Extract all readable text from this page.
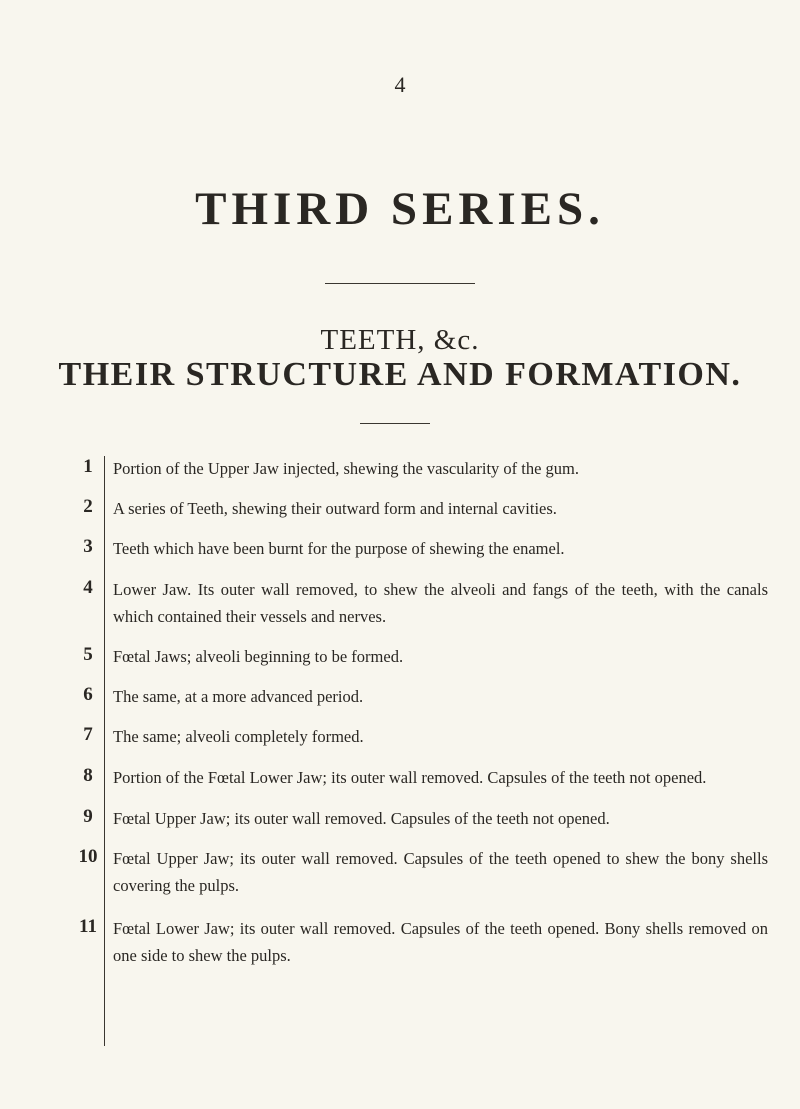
4
THIRD SERIES.
TEETH, &c.
THEIR STRUCTURE AND FORMATION.
1	Portion of the Upper Jaw injected, shewing the vascularity of the gum.
2	A series of Teeth, shewing their outward form and internal cavities.
3	Teeth which have been burnt for the purpose of shewing the enamel.
4	Lower Jaw. Its outer wall removed, to shew the alveoli and fangs of the teeth, with the canals which contained their vessels and nerves.
5	Fœtal Jaws; alveoli beginning to be formed.
6	The same, at a more advanced period.
7	The same; alveoli completely formed.
8	Portion of the Fœtal Lower Jaw; its outer wall removed. Capsules of the teeth not opened.
9	Fœtal Upper Jaw; its outer wall removed. Capsules of the teeth not opened.
10 Fœtal Upper Jaw; its outer wall removed. Capsules of the teeth opened to shew the bony shells covering the pulps.
11 Fœtal Lower Jaw; its outer wall removed. Capsules of the teeth opened. Bony shells removed on one side to shew the pulps.
